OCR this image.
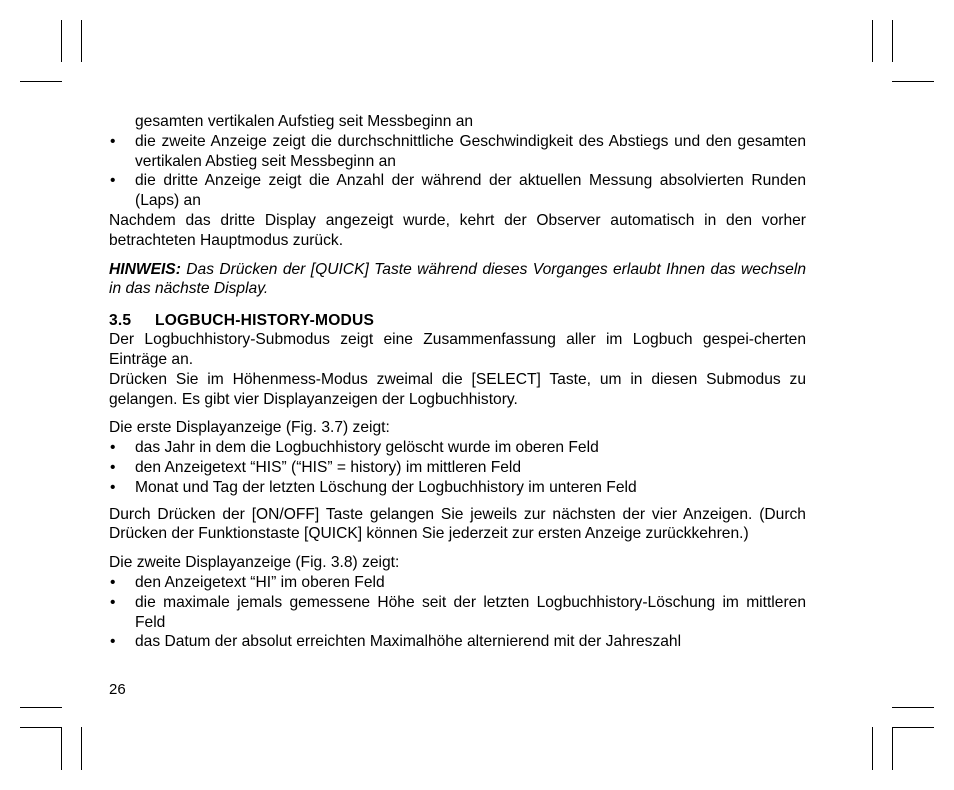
gesamten vertikalen Aufstieg seit Messbeginn an

• die zweite Anzeige zeigt die durchschnittliche Geschwindigkeit des Abstiegs und den gesamten vertikalen Abstieg seit Messbeginn an
• die dritte Anzeige zeigt die Anzahl der während der aktuellen Messung absolvierten Runden (Laps) an

Nachdem das dritte Display angezeigt wurde, kehrt der Observer automatisch in den vorher betrachteten Hauptmodus zurück.

HINWEIS: Das Drücken der [QUICK] Taste während dieses Vorganges erlaubt Ihnen das wechseln in das nächste Display.

3.5 LOGBUCH-HISTORY-MODUS

Der Logbuchhistory-Submodus zeigt eine Zusammenfassung aller im Logbuch gespei-cherten Einträge an.

Drücken Sie im Höhenmess-Modus zweimal die [SELECT] Taste, um in diesen Submodus zu gelangen. Es gibt vier Displayanzeigen der Logbuchhistory.

Die erste Displayanzeige (Fig. 3.7) zeigt:

• das Jahr in dem die Logbuchhistory gelöscht wurde im oberen Feld
• den Anzeigetext “HIS” (“HIS” = history) im mittleren Feld
• Monat und Tag der letzten Löschung der Logbuchhistory im unteren Feld

Durch Drücken der [ON/OFF] Taste gelangen Sie jeweils zur nächsten der vier Anzeigen. (Durch Drücken der Funktionstaste [QUICK] können Sie jederzeit zur ersten Anzeige zurückkehren.)

Die zweite Displayanzeige (Fig. 3.8) zeigt:

• den Anzeigetext “HI” im oberen Feld
• die maximale jemals gemessene Höhe seit der letzten Logbuchhistory-Löschung im mittleren Feld
• das Datum der absolut erreichten Maximalhöhe alternierend mit der Jahreszahl
26
